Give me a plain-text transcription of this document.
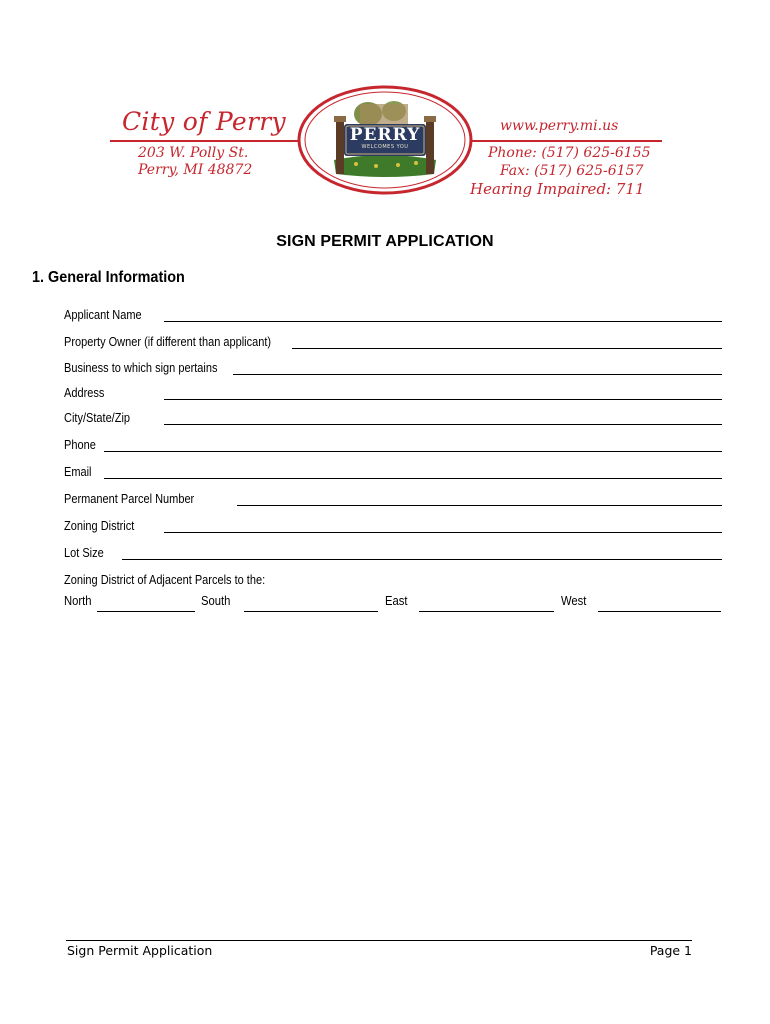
City of Perry
203 W. Polly St.
Perry, MI 48872
PERRY
WELCOMES YOU
www.perry.mi.us
Phone: (517) 625-6155
Fax: (517) 625-6157
Hearing Impaired: 711
SIGN PERMIT APPLICATION
1. General Information
Applicant Name
Property Owner (if different than applicant)
Business to which sign pertains
Address
City/State/Zip
Phone
Email
Permanent Parcel Number
Zoning District
Lot Size
Zoning District of Adjacent Parcels to the:
North	South	East	West
Sign Permit Application	Page 1
